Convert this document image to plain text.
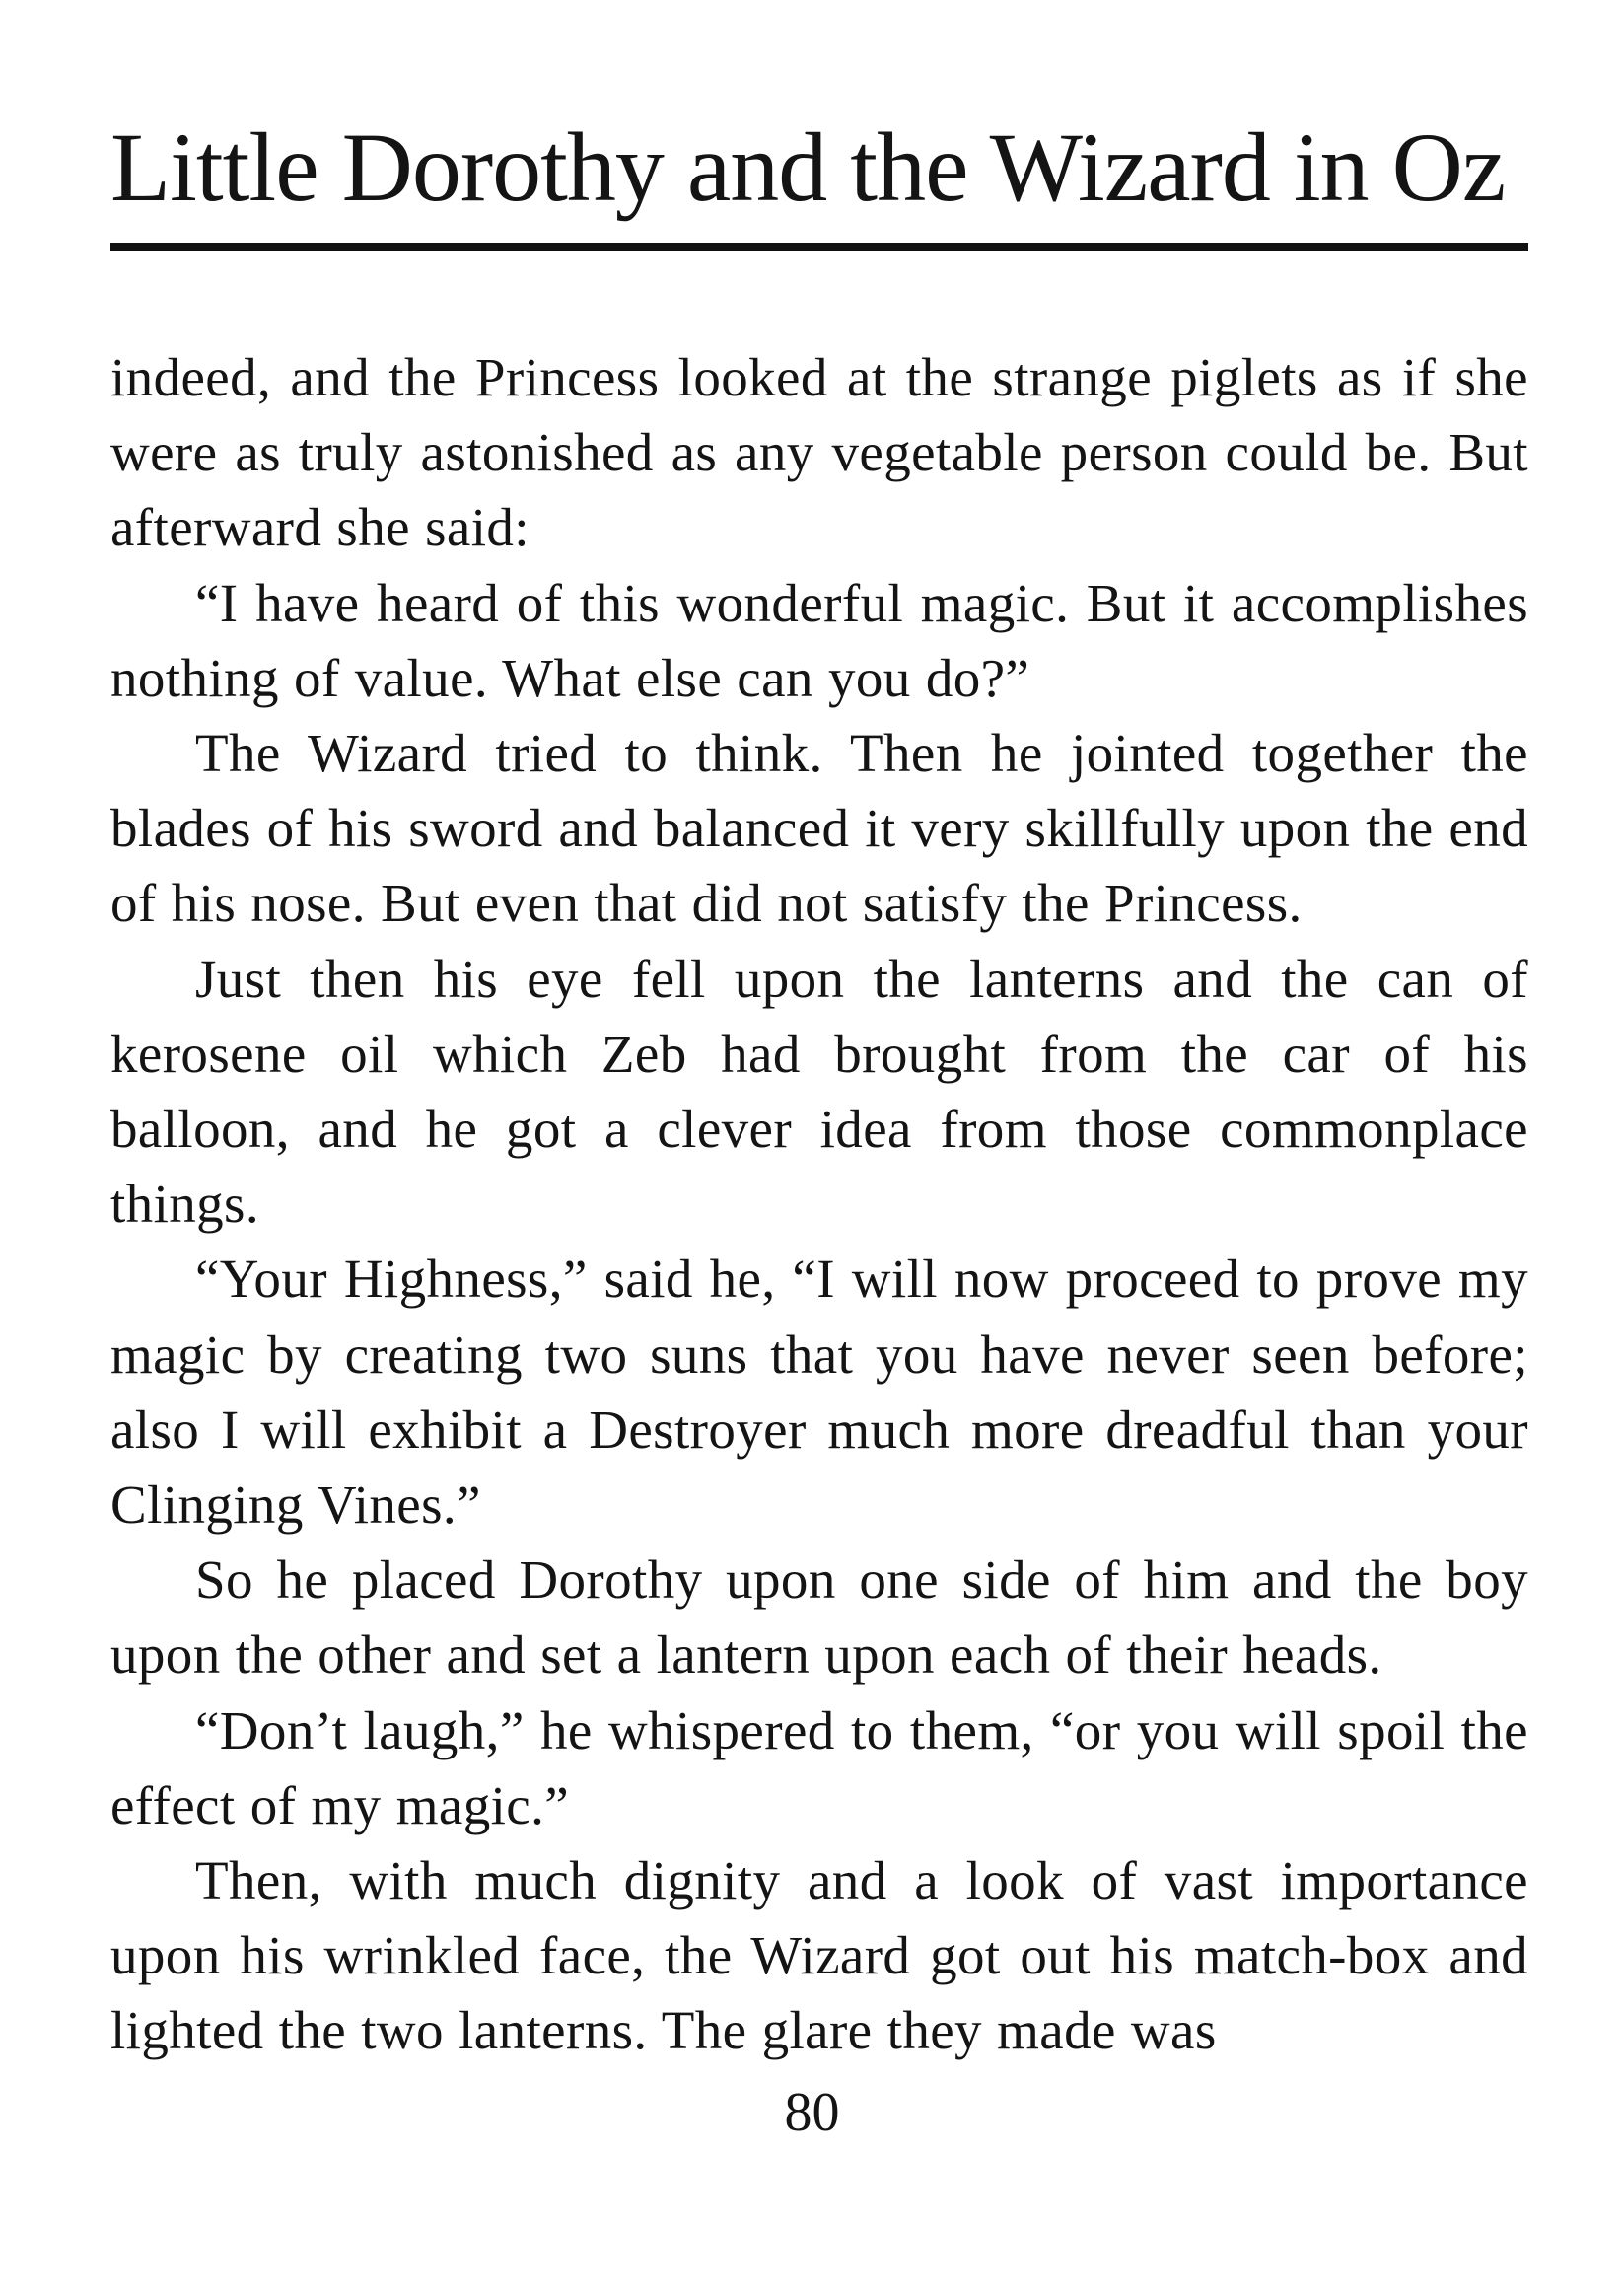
Little Dorothy and the Wizard in Oz

indeed, and the Princess looked at the strange piglets as if she were as truly astonished as any vegetable person could be. But afterward she said:

“I have heard of this wonderful magic. But it accomplishes nothing of value. What else can you do?”

The Wizard tried to think. Then he jointed together the blades of his sword and balanced it very skillfully upon the end of his nose. But even that did not satisfy the Princess.

Just then his eye fell upon the lanterns and the can of kerosene oil which Zeb had brought from the car of his balloon, and he got a clever idea from those commonplace things.

“Your Highness,” said he, “I will now proceed to prove my magic by creating two suns that you have never seen before; also I will exhibit a Destroyer much more dreadful than your Clinging Vines.”

So he placed Dorothy upon one side of him and the boy upon the other and set a lantern upon each of their heads.

“Don’t laugh,” he whispered to them, “or you will spoil the effect of my magic.”

Then, with much dignity and a look of vast importance upon his wrinkled face, the Wizard got out his match-box and lighted the two lanterns. The glare they made was

80
